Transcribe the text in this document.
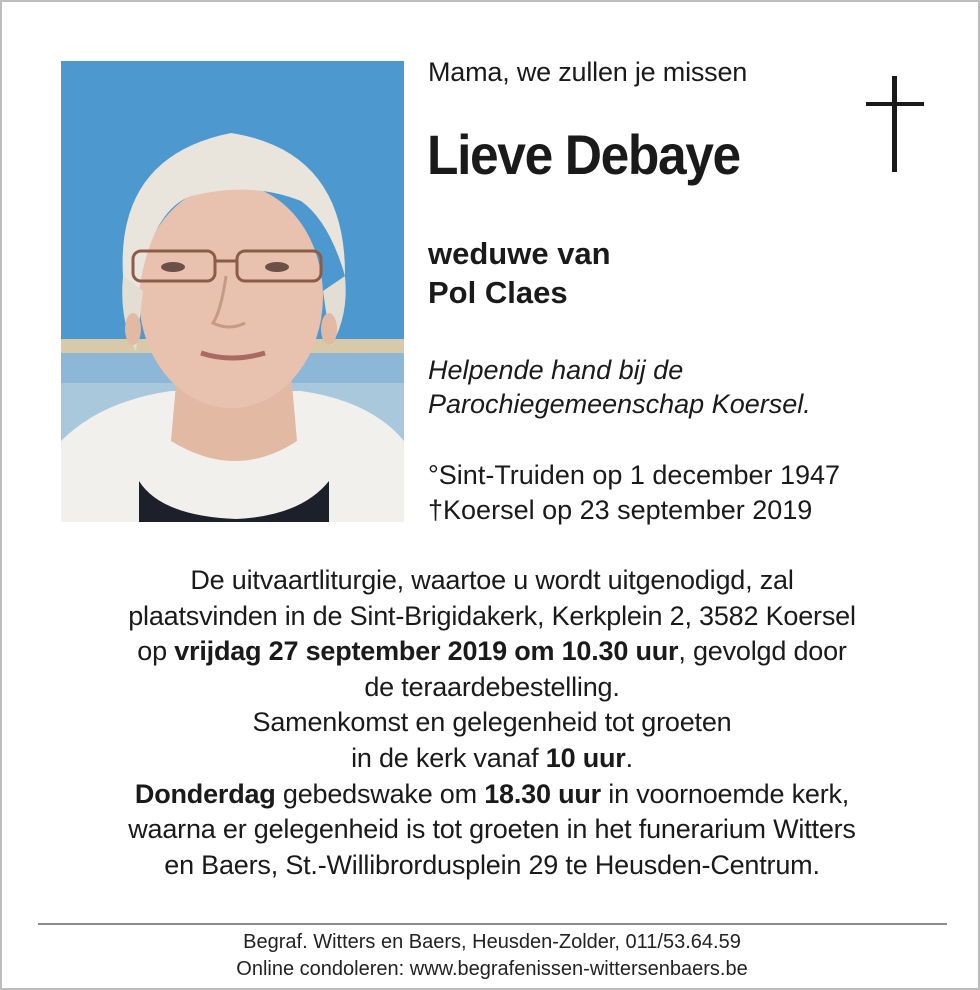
Mama, we zullen je missen
Lieve Debaye
weduwe van
Pol Claes
Helpende hand bij de
Parochiegemeenschap Koersel.
°Sint-Truiden op 1 december 1947
†Koersel op 23 september 2019
De uitvaartliturgie, waartoe u wordt uitgenodigd, zal
plaatsvinden in de Sint-Brigidakerk, Kerkplein 2, 3582 Koersel
op vrijdag 27 september 2019 om 10.30 uur, gevolgd door
de teraardebestelling.
Samenkomst en gelegenheid tot groeten
in de kerk vanaf 10 uur.
Donderdag gebedswake om 18.30 uur in voornoemde kerk,
waarna er gelegenheid is tot groeten in het funerarium Witters
en Baers, St.-Willibrordusplein 29 te Heusden-Centrum.
Begraf. Witters en Baers, Heusden-Zolder, 011/53.64.59
Online condoleren: www.begrafenissen-wittersenbaers.be
